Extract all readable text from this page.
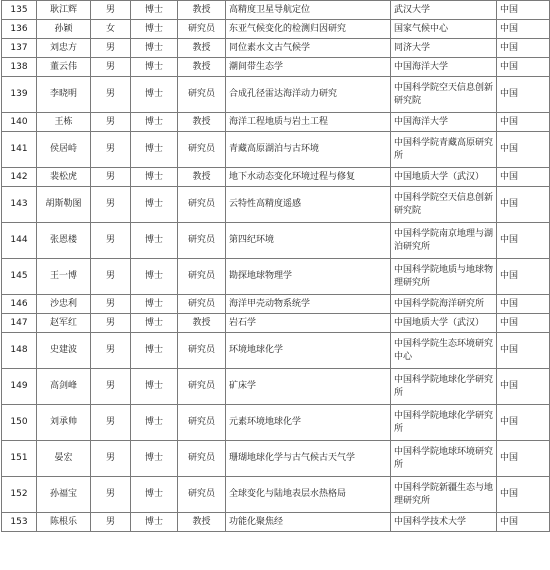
135	耿江辉	男	博士	教授	高精度卫星导航定位	武汉大学	中国
136	孙颖	女	博士	研究员	东亚气候变化的检测归因研究	国家气候中心	中国
137	刘忠方	男	博士	教授	同位素水文古气候学	同济大学	中国
138	董云伟	男	博士	教授	潮间带生态学	中国海洋大学	中国
139	李晓明	男	博士	研究员	合成孔径雷达海洋动力研究	中国科学院空天信息创新研究院	中国
140	王栋	男	博士	教授	海洋工程地质与岩土工程	中国海洋大学	中国
141	侯居峙	男	博士	研究员	青藏高原湖泊与古环境	中国科学院青藏高原研究所	中国
142	裴松虎	男	博士	教授	地下水动态变化环境过程与修复	中国地质大学（武汉）	中国
143	胡斯勒图	男	博士	研究员	云特性高精度遥感	中国科学院空天信息创新研究院	中国
144	张恩楼	男	博士	研究员	第四纪环境	中国科学院南京地理与湖泊研究所	中国
145	王一博	男	博士	研究员	勘探地球物理学	中国科学院地质与地球物理研究所	中国
146	沙忠利	男	博士	研究员	海洋甲壳动物系统学	中国科学院海洋研究所	中国
147	赵军红	男	博士	教授	岩石学	中国地质大学（武汉）	中国
148	史建波	男	博士	研究员	环境地球化学	中国科学院生态环境研究中心	中国
149	高剑峰	男	博士	研究员	矿床学	中国科学院地球化学研究所	中国
150	刘承帅	男	博士	研究员	元素环境地球化学	中国科学院地球化学研究所	中国
151	晏宏	男	博士	研究员	珊瑚地球化学与古气候古天气学	中国科学院地球环境研究所	中国
152	孙福宝	男	博士	研究员	全球变化与陆地表层水热格局	中国科学院新疆生态与地理研究所	中国
153	陈根乐	男	博士	教授	功能化聚焦经	中国科学技术大学	中国
